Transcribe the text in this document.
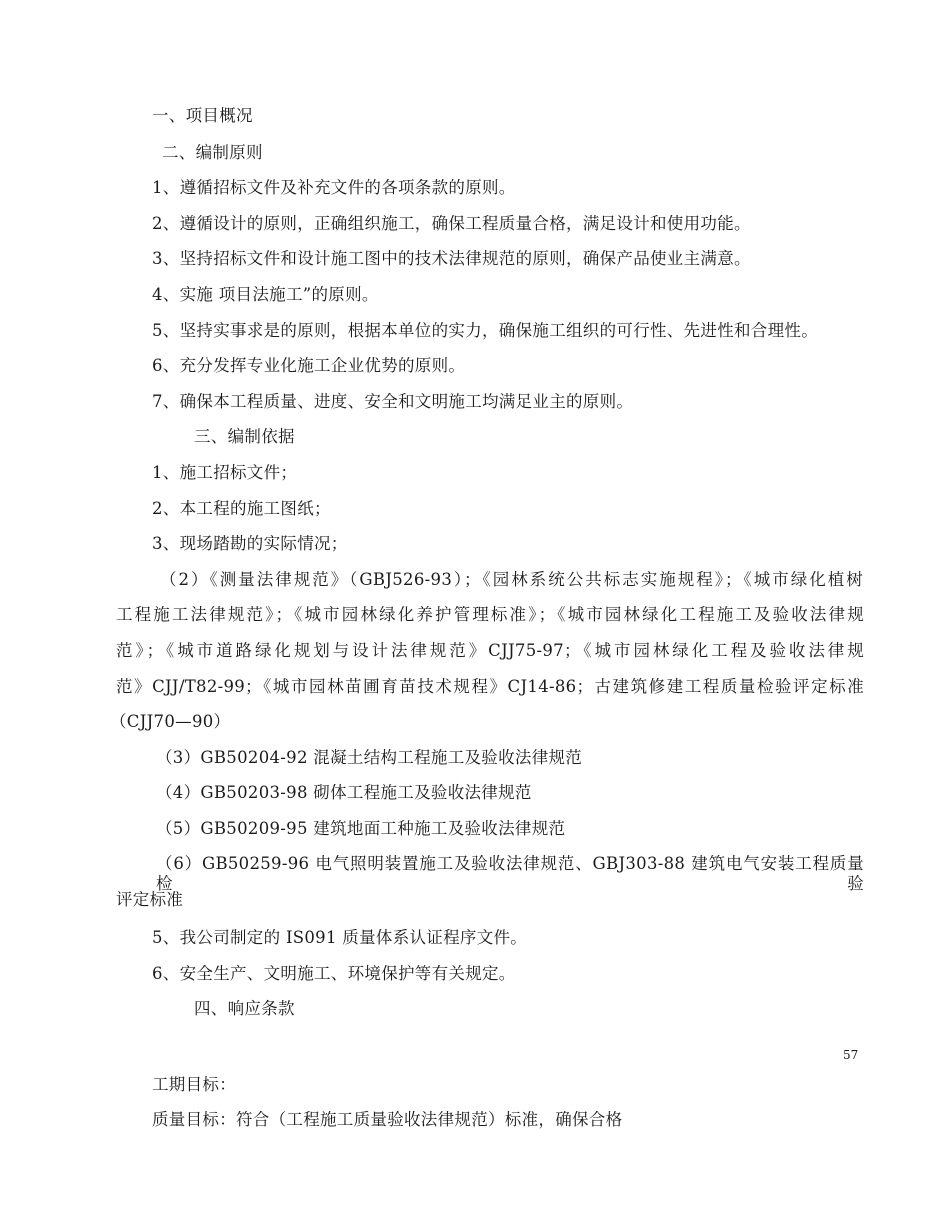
一、项目概况
二、编制原则
1、遵循招标文件及补充文件的各项条款的原则。
2、遵循设计的原则，正确组织施工，确保工程质量合格，满足设计和使用功能。
3、坚持招标文件和设计施工图中的技术法律规范的原则，确保产品使业主满意。
4、实施 项目法施工”的原则。
5、坚持实事求是的原则，根据本单位的实力，确保施工组织的可行性、先进性和合理性。
6、充分发挥专业化施工企业优势的原则。
7、确保本工程质量、进度、安全和文明施工均满足业主的原则。
三、编制依据
1、施工招标文件；
2、本工程的施工图纸；
3、现场踏勘的实际情况；
（2）《测量法律规范》（GBJ526-93）；《园林系统公共标志实施规程》；《城市绿化植树
工程施工法律规范》；《城市园林绿化养护管理标准》；《城市园林绿化工程施工及验收法律规
范》；《城市道路绿化规划与设计法律规范》CJJ75-97；《城市园林绿化工程及验收法律规
范》CJJ/T82-99；《城市园林苗圃育苗技术规程》CJ14-86；古建筑修建工程质量检验评定标准
（CJJ70—90）
（3）GB50204-92 混凝土结构工程施工及验收法律规范
（4）GB50203-98 砌体工程施工及验收法律规范
（5）GB50209-95 建筑地面工种施工及验收法律规范
（6）GB50259-96 电气照明装置施工及验收法律规范、GBJ303-88 建筑电气安装工程质量检验
评定标准
5、我公司制定的 IS091 质量体系认证程序文件。
6、安全生产、文明施工、环境保护等有关规定。
四、响应条款
57
工期目标：
质量目标：符合（工程施工质量验收法律规范）标准，确保合格
